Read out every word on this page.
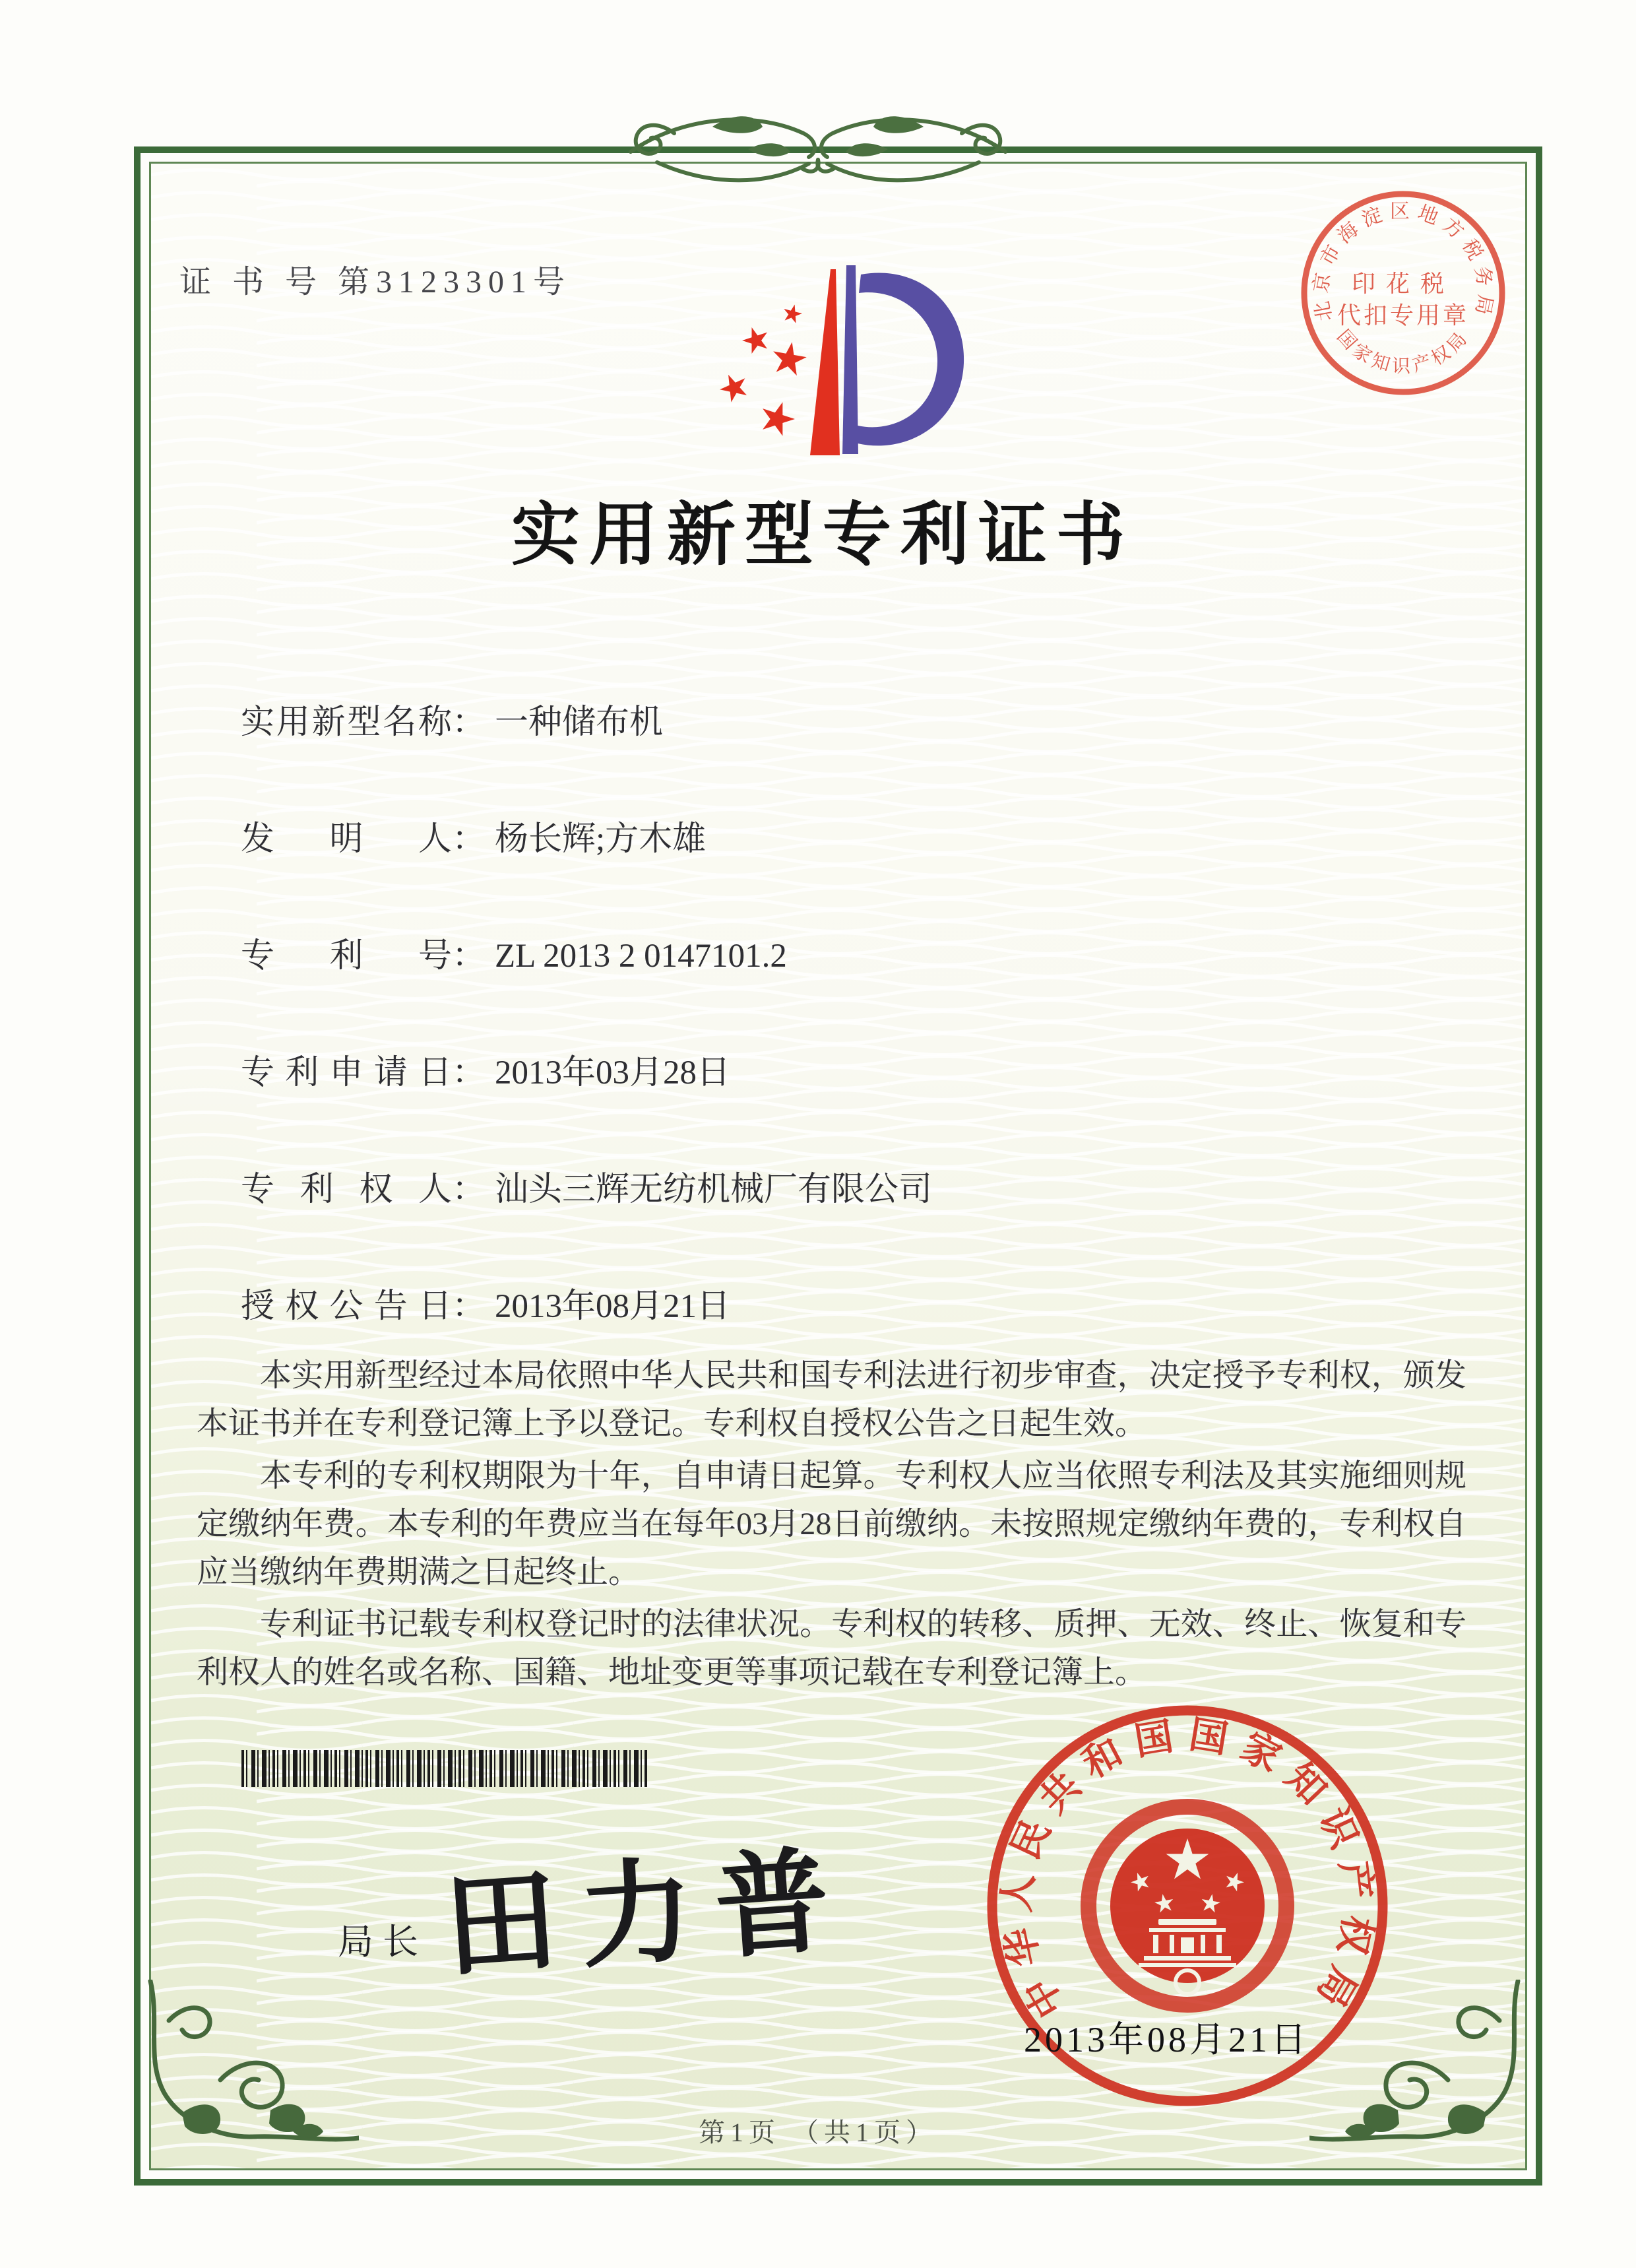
证 书 号 第3123301号
北京市海淀区地方税务局
印花税
代扣专用章
国家知识产权局
实用新型专利证书
实用新型名称： 一种储布机
发明人： 杨长辉;方木雄
专利号： ZL 2013 2 0147101.2
专利申请日： 2013年03月28日
专利权人： 汕头三辉无纺机械厂有限公司
授权公告日： 2013年08月21日

本实用新型经过本局依照中华人民共和国专利法进行初步审查，决定授予专利权，颁发本证书并在专利登记簿上予以登记。专利权自授权公告之日起生效。

本专利的专利权期限为十年，自申请日起算。专利权人应当依照专利法及其实施细则规定缴纳年费。本专利的年费应当在每年03月28日前缴纳。未按照规定缴纳年费的，专利权自应当缴纳年费期满之日起终止。

专利证书记载专利权登记时的法律状况。专利权的转移、质押、无效、终止、恢复和专利权人的姓名或名称、国籍、地址变更等事项记载在专利登记簿上。

局长 田力普
中华人民共和国国家知识产权局
2013年08月21日
第1页 （共1页）
